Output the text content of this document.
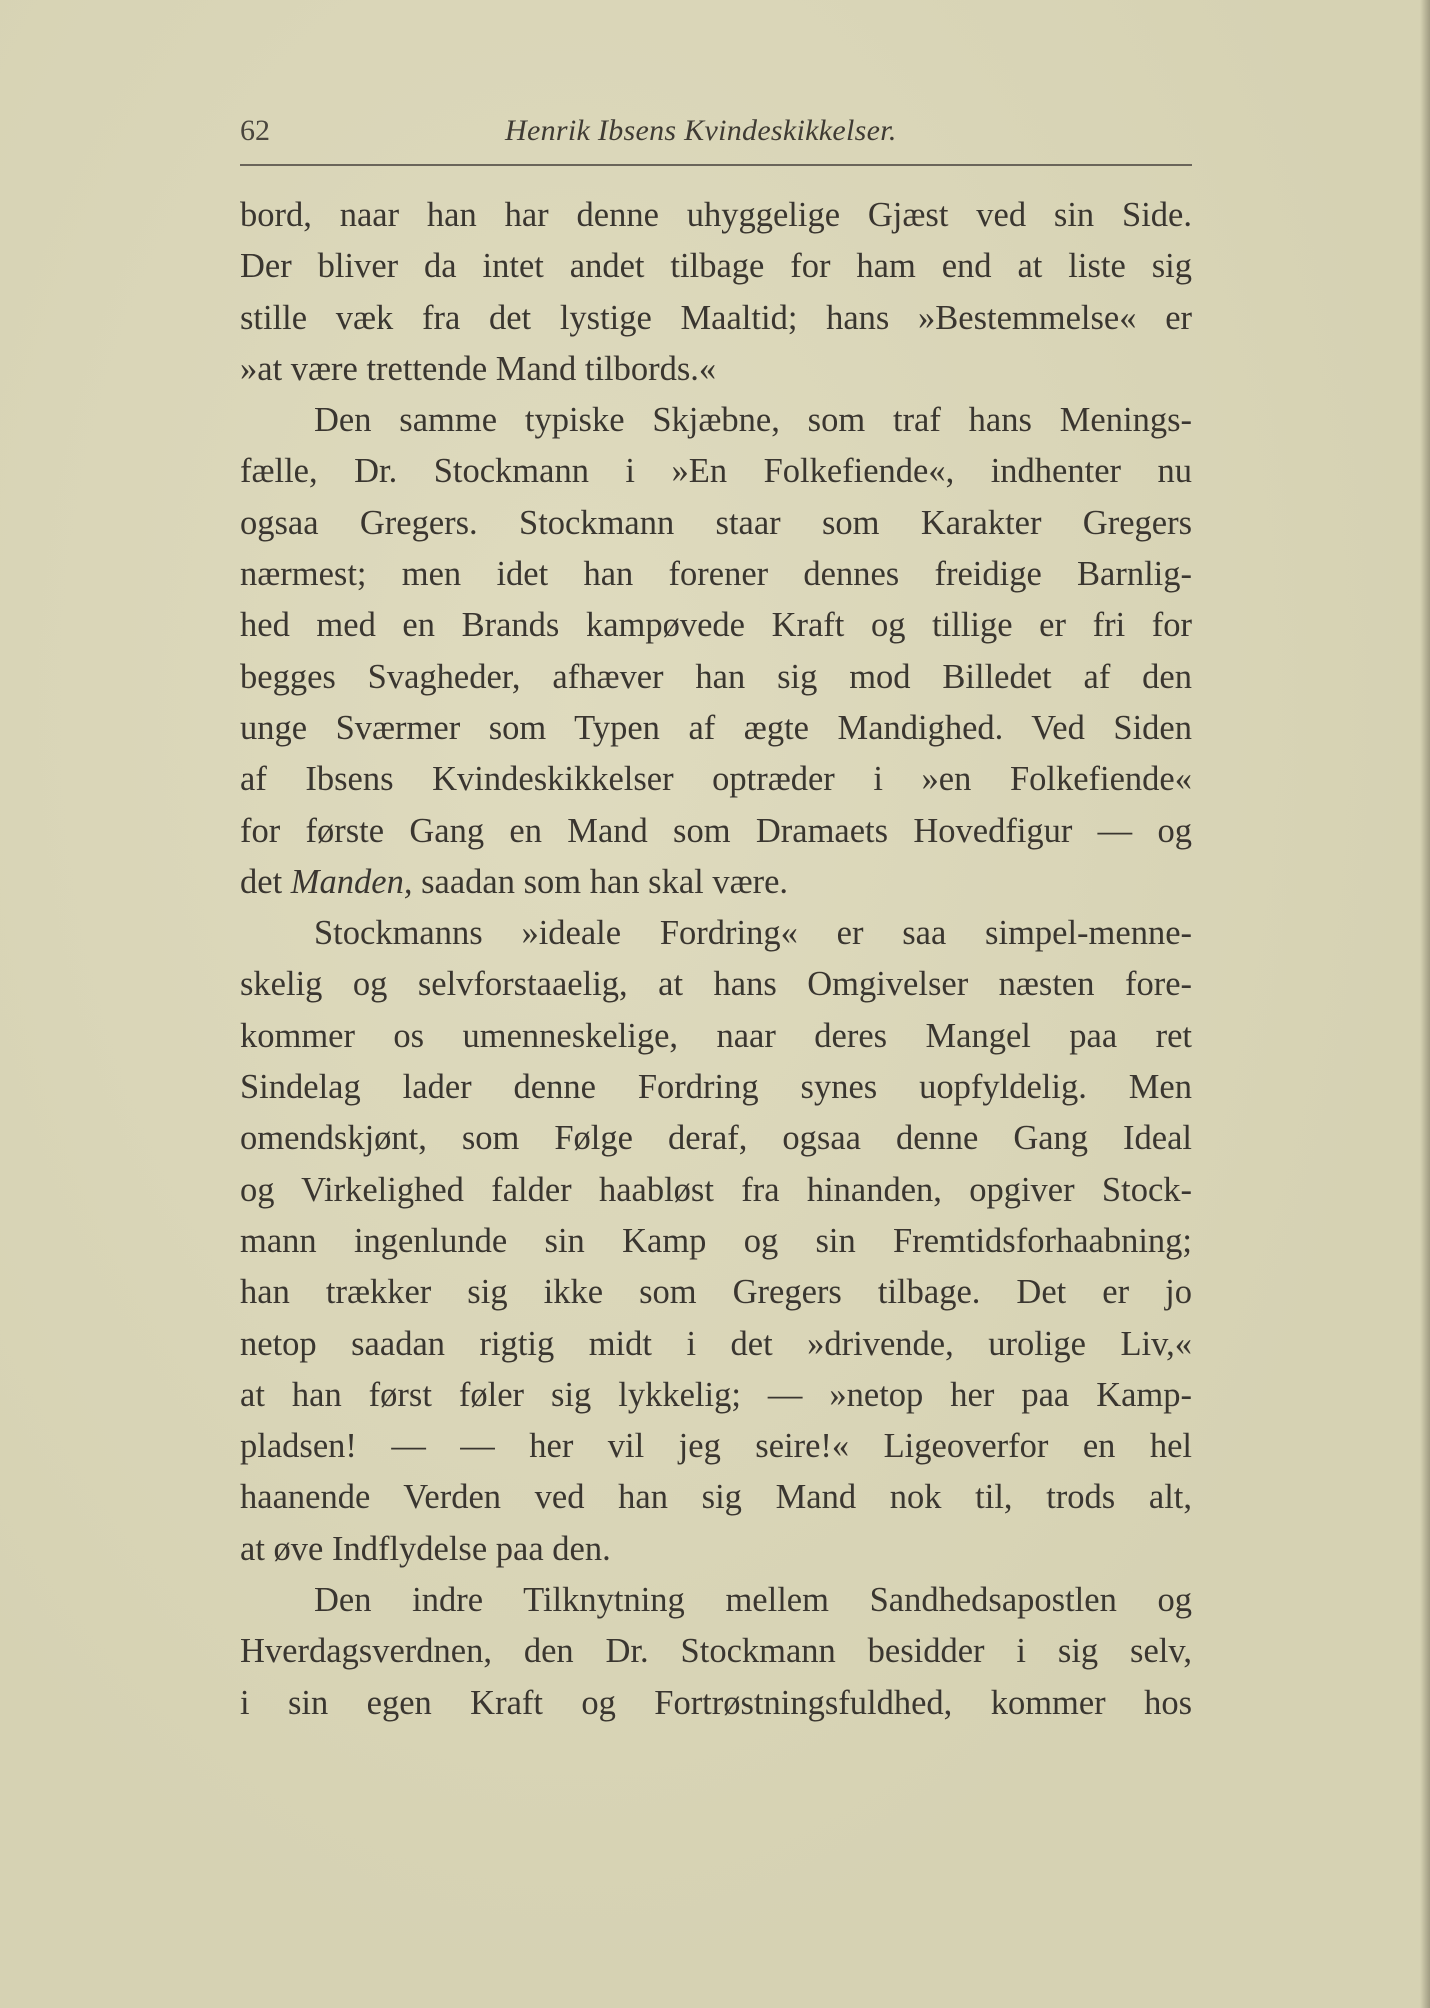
62	Henrik Ibsens Kvindeskikkelser.
bord, naar han har denne uhyggelige Gjæst ved sin Side.
Der bliver da intet andet tilbage for ham end at liste sig
stille væk fra det lystige Maaltid; hans »Bestemmelse« er
»at være trettende Mand tilbords.«
Den samme typiske Skjæbne, som traf hans Menings-
fælle, Dr. Stockmann i »En Folkefiende«, indhenter nu
ogsaa Gregers. Stockmann staar som Karakter Gregers
nærmest; men idet han forener dennes freidige Barnlig-
hed med en Brands kampøvede Kraft og tillige er fri for
begges Svagheder, afhæver han sig mod Billedet af den
unge Sværmer som Typen af ægte Mandighed. Ved Siden
af Ibsens Kvindeskikkelser optræder i »en Folkefiende«
for første Gang en Mand som Dramaets Hovedfigur — og
det Manden, saadan som han skal være.
Stockmanns »ideale Fordring« er saa simpel-menne-
skelig og selvforstaaelig, at hans Omgivelser næsten fore-
kommer os umenneskelige, naar deres Mangel paa ret
Sindelag lader denne Fordring synes uopfyldelig. Men
omendskjønt, som Følge deraf, ogsaa denne Gang Ideal
og Virkelighed falder haabløst fra hinanden, opgiver Stock-
mann ingenlunde sin Kamp og sin Fremtidsforhaabning;
han trækker sig ikke som Gregers tilbage. Det er jo
netop saadan rigtig midt i det »drivende, urolige Liv,«
at han først føler sig lykkelig; — »netop her paa Kamp-
pladsen! — — her vil jeg seire!« Ligeoverfor en hel
haanende Verden ved han sig Mand nok til, trods alt,
at øve Indflydelse paa den.
Den indre Tilknytning mellem Sandhedsapostlen og
Hverdagsverdnen, den Dr. Stockmann besidder i sig selv,
i sin egen Kraft og Fortrøstningsfuldhed, kommer hos
